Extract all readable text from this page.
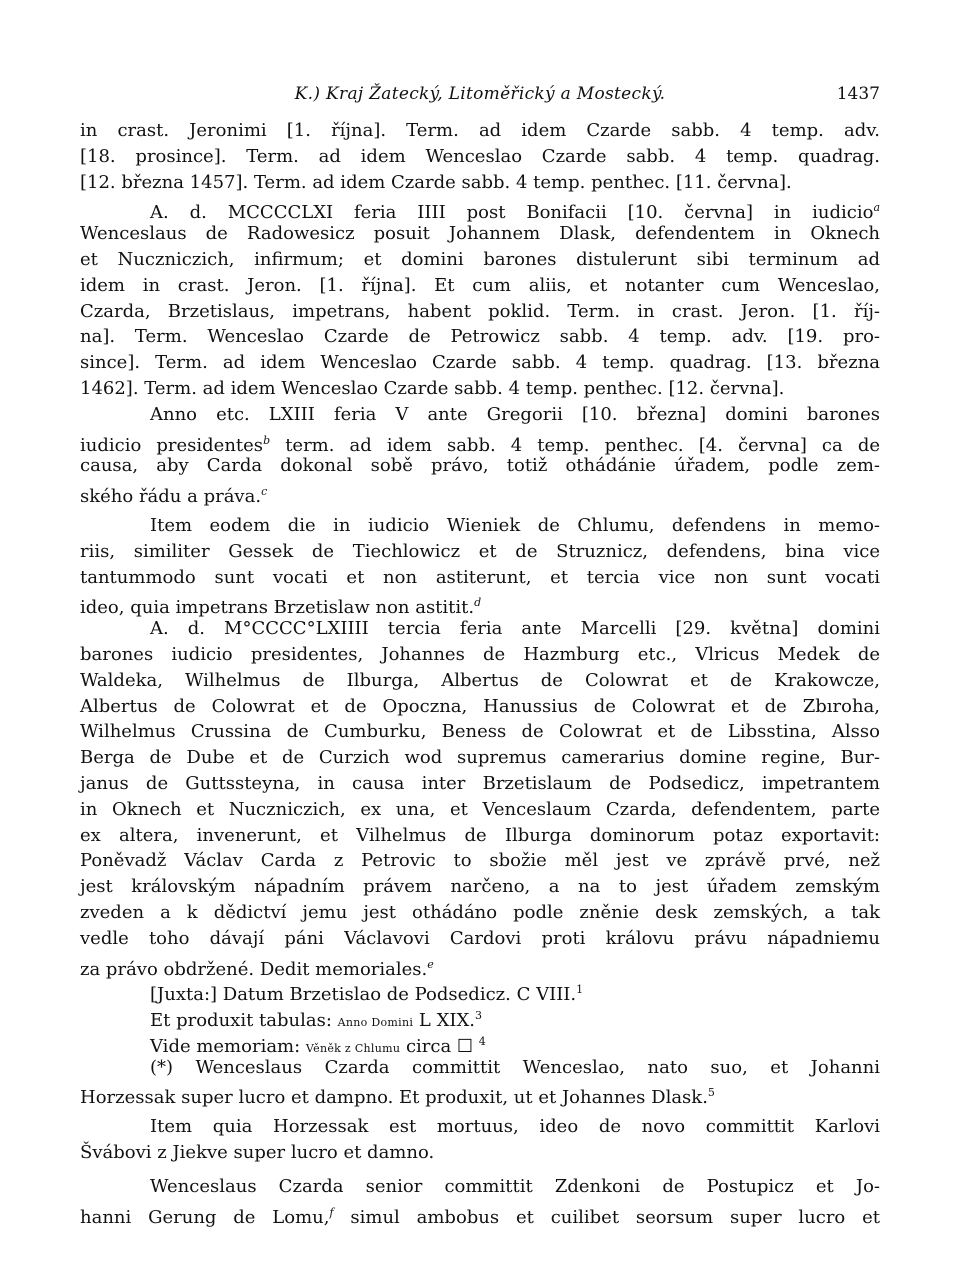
K.) Kraj Žatecký, Litoměřický a Mostecký.	1437
in crast. Jeronimi [1. října]. Term. ad idem Czarde sabb. 4 temp. adv.
[18. prosince]. Term. ad idem Wenceslao Czarde sabb. 4 temp. quadrag.
[12. března 1457]. Term. ad idem Czarde sabb. 4 temp. penthec. [11. června].
A. d. MCCCCLXI feria IIII post Bonifacii [10. června] in iudicio$^a$
Wenceslaus de Radowesicz posuit Johannem Dlask, defendentem in Oknech
et Nuczniczich, infirmum; et domini barones distulerunt sibi terminum ad
idem in crast. Jeron. [1. října]. Et cum aliis, et notanter cum Wenceslao,
Czarda, Brzetislaus, impetrans, habent poklid. Term. in crast. Jeron. [1. říj-
na]. Term. Wenceslao Czarde de Petrowicz sabb. 4 temp. adv. [19. pro-
since]. Term. ad idem Wenceslao Czarde sabb. 4 temp. quadrag. [13. března
1462]. Term. ad idem Wenceslao Czarde sabb. 4 temp. penthec. [12. června].
Anno etc. LXIII feria V ante Gregorii [10. března] domini barones
iudicio presidentes$^b$ term. ad idem sabb. 4 temp. penthec. [4. června] ca de
causa, aby Carda dokonal sobě právo, totiž othádánie úřadem, podle zem-
ského řádu a práva.$^c$
Item eodem die in iudicio Wieniek de Chlumu, defendens in memo-
riis, similiter Gessek de Tiechlowicz et de Struznicz, defendens, bina vice
tantummodo sunt vocati et non astiterunt, et tercia vice non sunt vocati
ideo, quia impetrans Brzetislaw non astitit.$^d$
A. d. M°CCCC°LXIIII tercia feria ante Marcelli [29. května] domini
barones iudicio presidentes, Johannes de Hazmburg etc., Vlricus Medek de
Waldeka, Wilhelmus de Ilburga, Albertus de Colowrat et de Krakowcze,
Albertus de Colowrat et de Opoczna, Hanussius de Colowrat et de Zbıroha,
Wilhelmus Crussina de Cumburku, Beness de Colowrat et de Libsstina, Alsso
Berga de Dube et de Curzich wod supremus camerarius domine regine, Bur-
janus de Guttssteyna, in causa inter Brzetislaum de Podsedicz, impetrantem
in Oknech et Nuczniczich, ex una, et Venceslaum Czarda, defendentem, parte
ex altera, invenerunt, et Vilhelmus de Ilburga dominorum potaz exportavit:
Poněvadž Václav Carda z Petrovic to sbožie měl jest ve zprávě prvé, než
jest královským nápadním právem narčeno, a na to jest úřadem zemským
zveden a k dědictví jemu jest othádáno podle zněnie desk zemských, a tak
vedle toho dávají páni Václavovi Cardovi proti královu právu nápadniemu
za právo obdržené. Dedit memoriales.$^e$
[Juxta:] Datum Brzetislao de Podsedicz. C VIII.$^1$
Et produxit tabulas: Anno Domini L XIX.$^3$
Vide memoriam: Věněk z Chlumu circa ☐ $^4$
(*) Wenceslaus Czarda committit Wenceslao, nato suo, et Johanni
Horzessak super lucro et dampno. Et produxit, ut et Johannes Dlask.$^5$
Item quia Horzessak est mortuus, ideo de novo committit Karlovi
Švábovi z Jiekve super lucro et damno.
Wenceslaus Czarda senior committit Zdenkoni de Postupicz et Jo-
hanni Gerung de Lomu,$^f$ simul ambobus et cuilibet seorsum super lucro et
